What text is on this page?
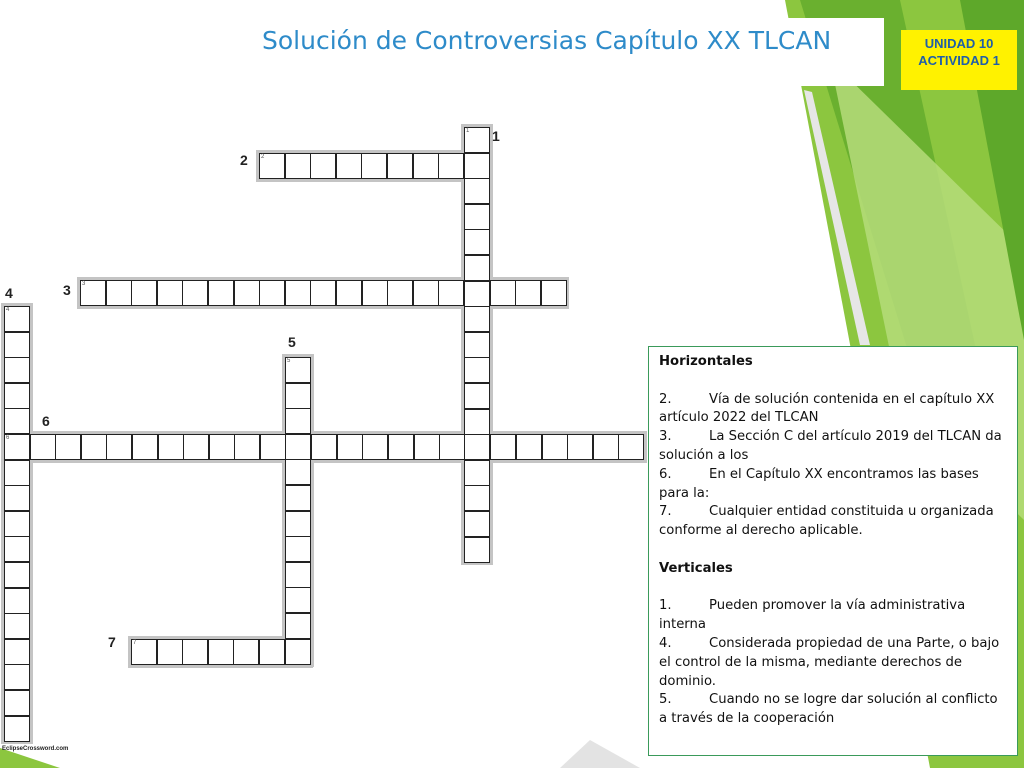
Solución de Controversias Capítulo XX TLCAN	UNIDAD 10
ACTIVIDAD 1
1
2
3
4
6
5
7
1
2
3
4
5
6
7

Horizontales

2.	Vía de solución contenida en el capítulo XX artículo 2022 del TLCAN

3.	La Sección C del artículo 2019 del TLCAN da solución a los

6.	En el Capítulo XX encontramos las bases para la:

7.	Cualquier entidad constituida u organizada conforme al derecho aplicable.

Verticales

1.	Pueden promover la vía administrativa interna

4.	Considerada propiedad de una Parte, o bajo el control de la misma, mediante derechos de dominio.

5.	Cuando no se logre dar solución al conflicto a través de la cooperación

EclipseCrossword.com
